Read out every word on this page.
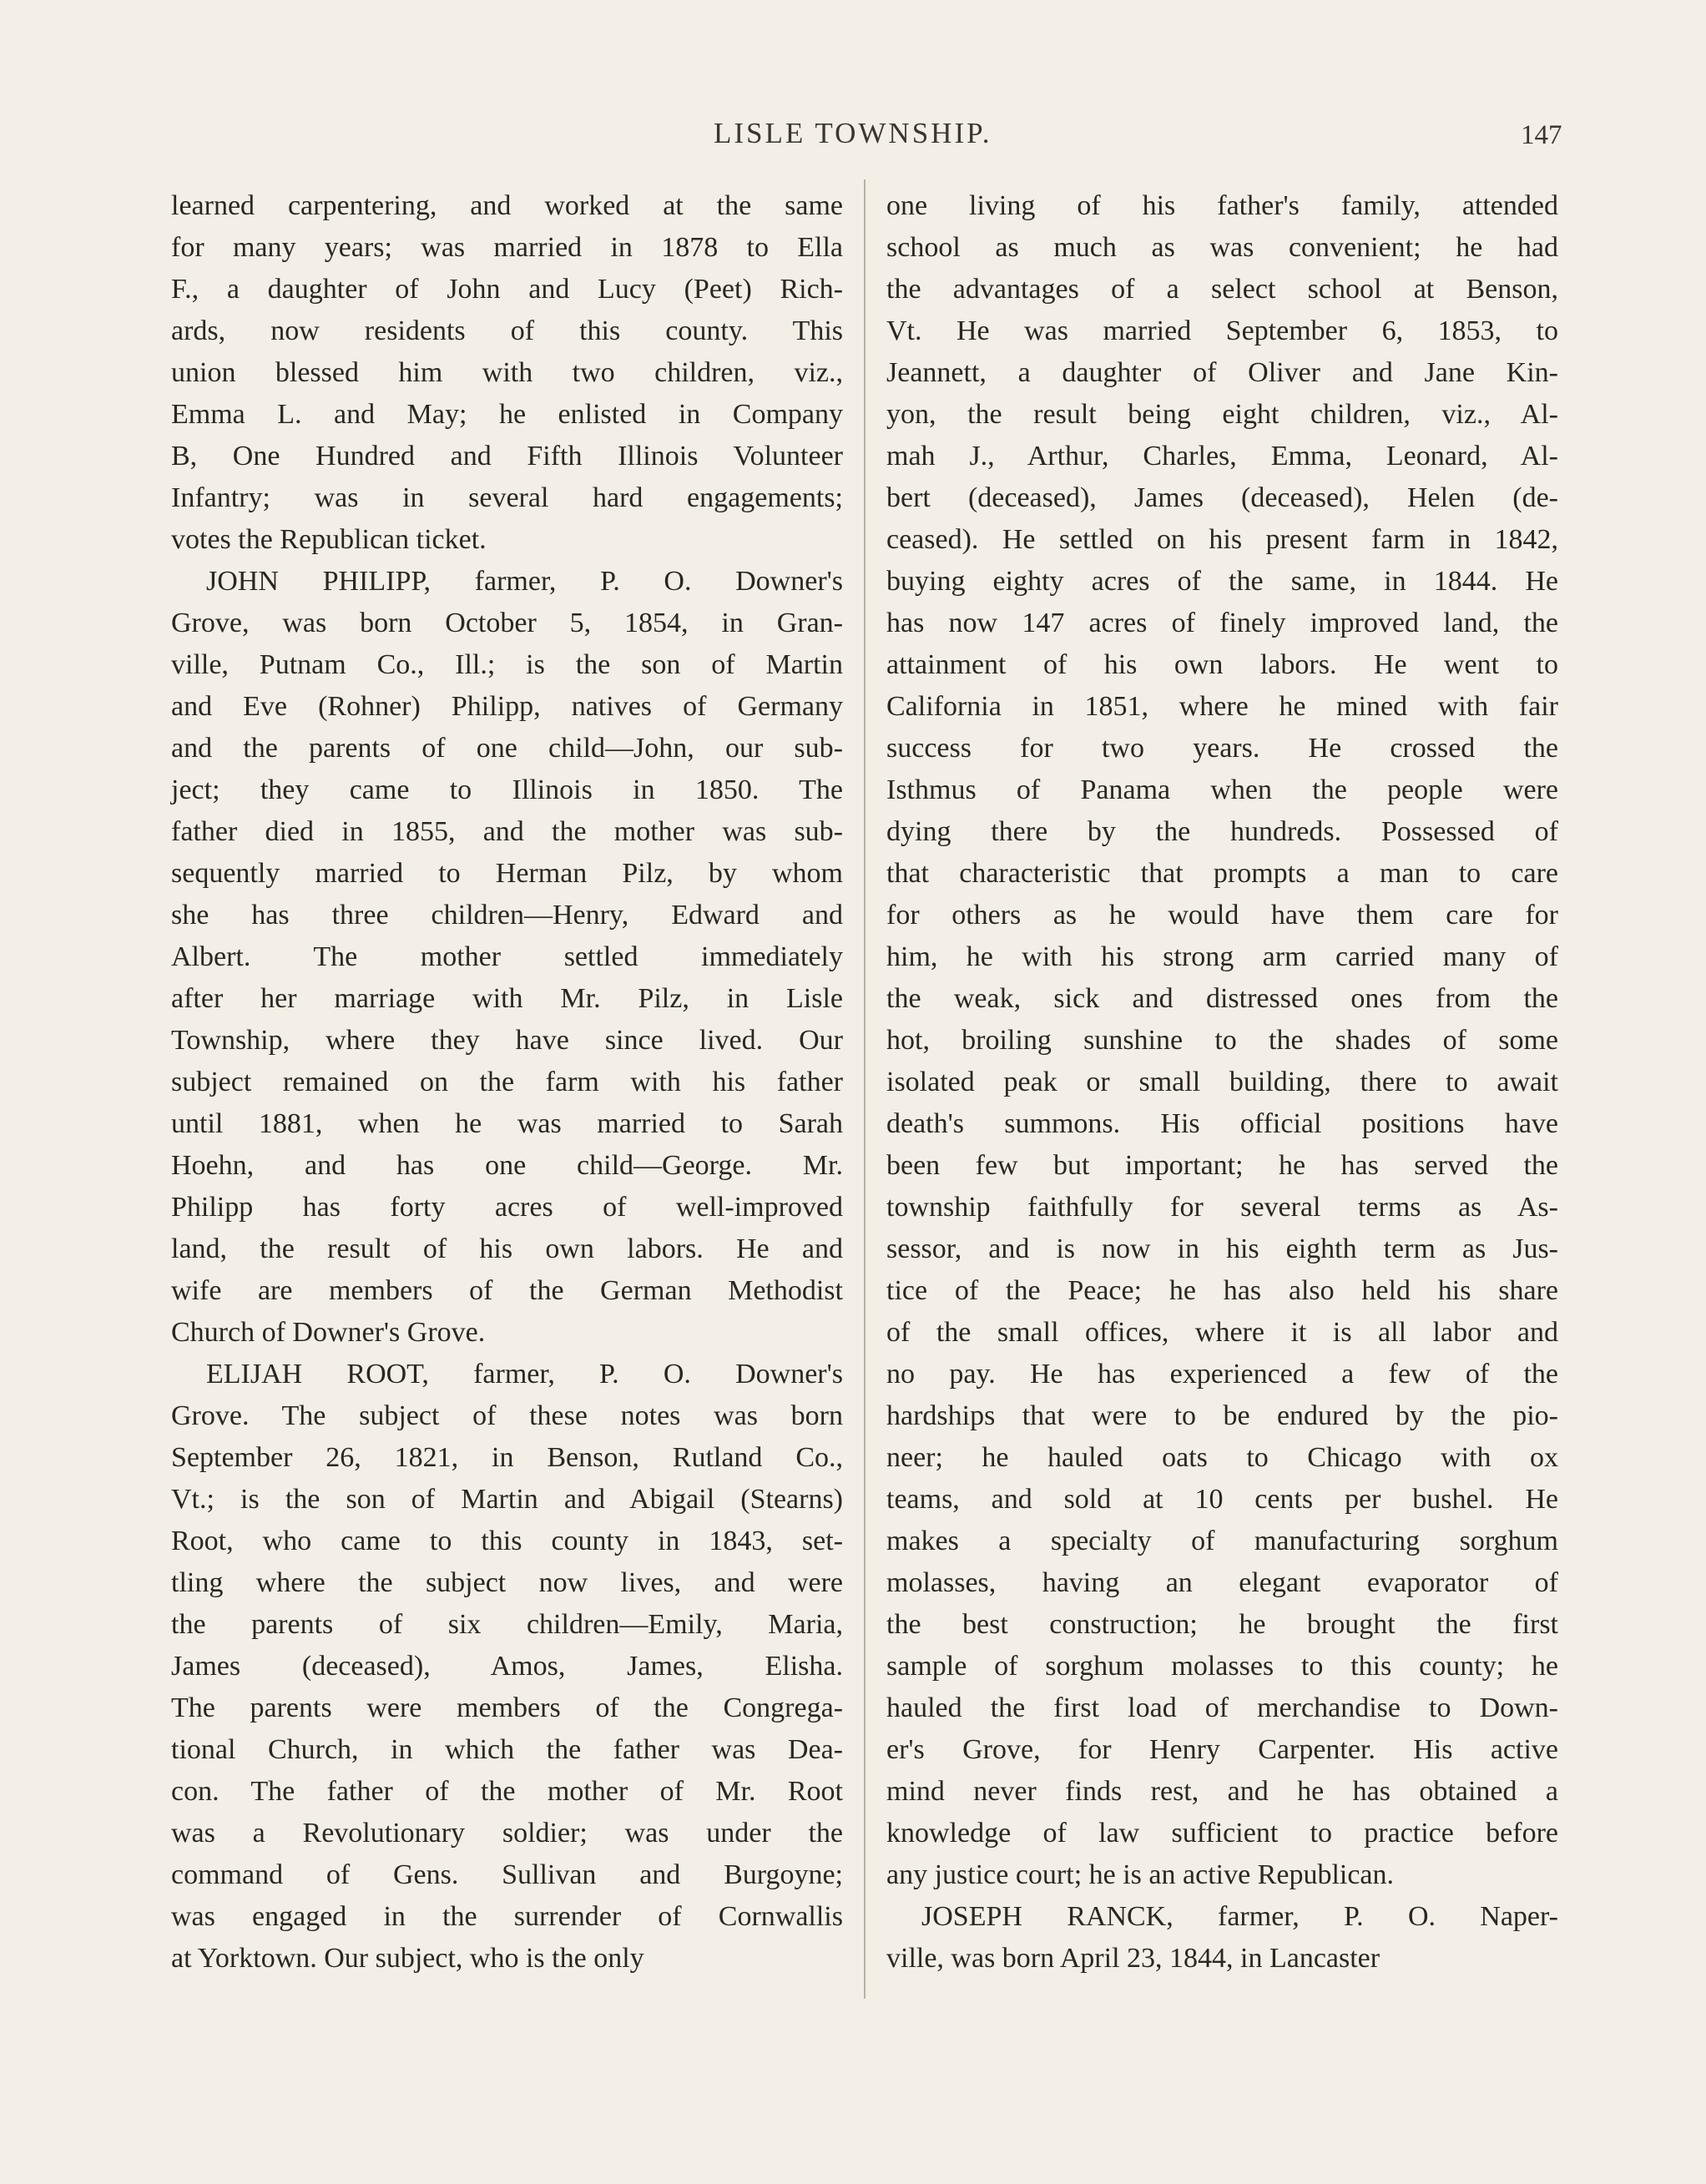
LISLE TOWNSHIP.	147
learned carpentering, and worked at the same
for many years; was married in 1878 to Ella
F., a daughter of John and Lucy (Peet) Rich-
ards, now residents of this county. This
union blessed him with two children, viz.,
Emma L. and May; he enlisted in Company
B, One Hundred and Fifth Illinois Volunteer
Infantry; was in several hard engagements;
votes the Republican ticket.
JOHN PHILIPP, farmer, P. O. Downer's
Grove, was born October 5, 1854, in Gran-
ville, Putnam Co., Ill.; is the son of Martin
and Eve (Rohner) Philipp, natives of Germany
and the parents of one child—John, our sub-
ject; they came to Illinois in 1850. The
father died in 1855, and the mother was sub-
sequently married to Herman Pilz, by whom
she has three children—Henry, Edward and
Albert. The mother settled immediately
after her marriage with Mr. Pilz, in Lisle
Township, where they have since lived. Our
subject remained on the farm with his father
until 1881, when he was married to Sarah
Hoehn, and has one child—George. Mr.
Philipp has forty acres of well-improved
land, the result of his own labors. He and
wife are members of the German Methodist
Church of Downer's Grove.
ELIJAH ROOT, farmer, P. O. Downer's
Grove. The subject of these notes was born
September 26, 1821, in Benson, Rutland Co.,
Vt.; is the son of Martin and Abigail (Stearns)
Root, who came to this county in 1843, set-
tling where the subject now lives, and were
the parents of six children—Emily, Maria,
James (deceased), Amos, James, Elisha.
The parents were members of the Congrega-
tional Church, in which the father was Dea-
con. The father of the mother of Mr. Root
was a Revolutionary soldier; was under the
command of Gens. Sullivan and Burgoyne;
was engaged in the surrender of Cornwallis
at Yorktown. Our subject, who is the only
one living of his father's family, attended
school as much as was convenient; he had
the advantages of a select school at Benson,
Vt. He was married September 6, 1853, to
Jeannett, a daughter of Oliver and Jane Kin-
yon, the result being eight children, viz., Al-
mah J., Arthur, Charles, Emma, Leonard, Al-
bert (deceased), James (deceased), Helen (de-
ceased). He settled on his present farm in 1842,
buying eighty acres of the same, in 1844. He
has now 147 acres of finely improved land, the
attainment of his own labors. He went to
California in 1851, where he mined with fair
success for two years. He crossed the
Isthmus of Panama when the people were
dying there by the hundreds. Possessed of
that characteristic that prompts a man to care
for others as he would have them care for
him, he with his strong arm carried many of
the weak, sick and distressed ones from the
hot, broiling sunshine to the shades of some
isolated peak or small building, there to await
death's summons. His official positions have
been few but important; he has served the
township faithfully for several terms as As-
sessor, and is now in his eighth term as Jus-
tice of the Peace; he has also held his share
of the small offices, where it is all labor and
no pay. He has experienced a few of the
hardships that were to be endured by the pio-
neer; he hauled oats to Chicago with ox
teams, and sold at 10 cents per bushel. He
makes a specialty of manufacturing sorghum
molasses, having an elegant evaporator of
the best construction; he brought the first
sample of sorghum molasses to this county; he
hauled the first load of merchandise to Down-
er's Grove, for Henry Carpenter. His active
mind never finds rest, and he has obtained a
knowledge of law sufficient to practice before
any justice court; he is an active Republican.
JOSEPH RANCK, farmer, P. O. Naper-
ville, was born April 23, 1844, in Lancaster
